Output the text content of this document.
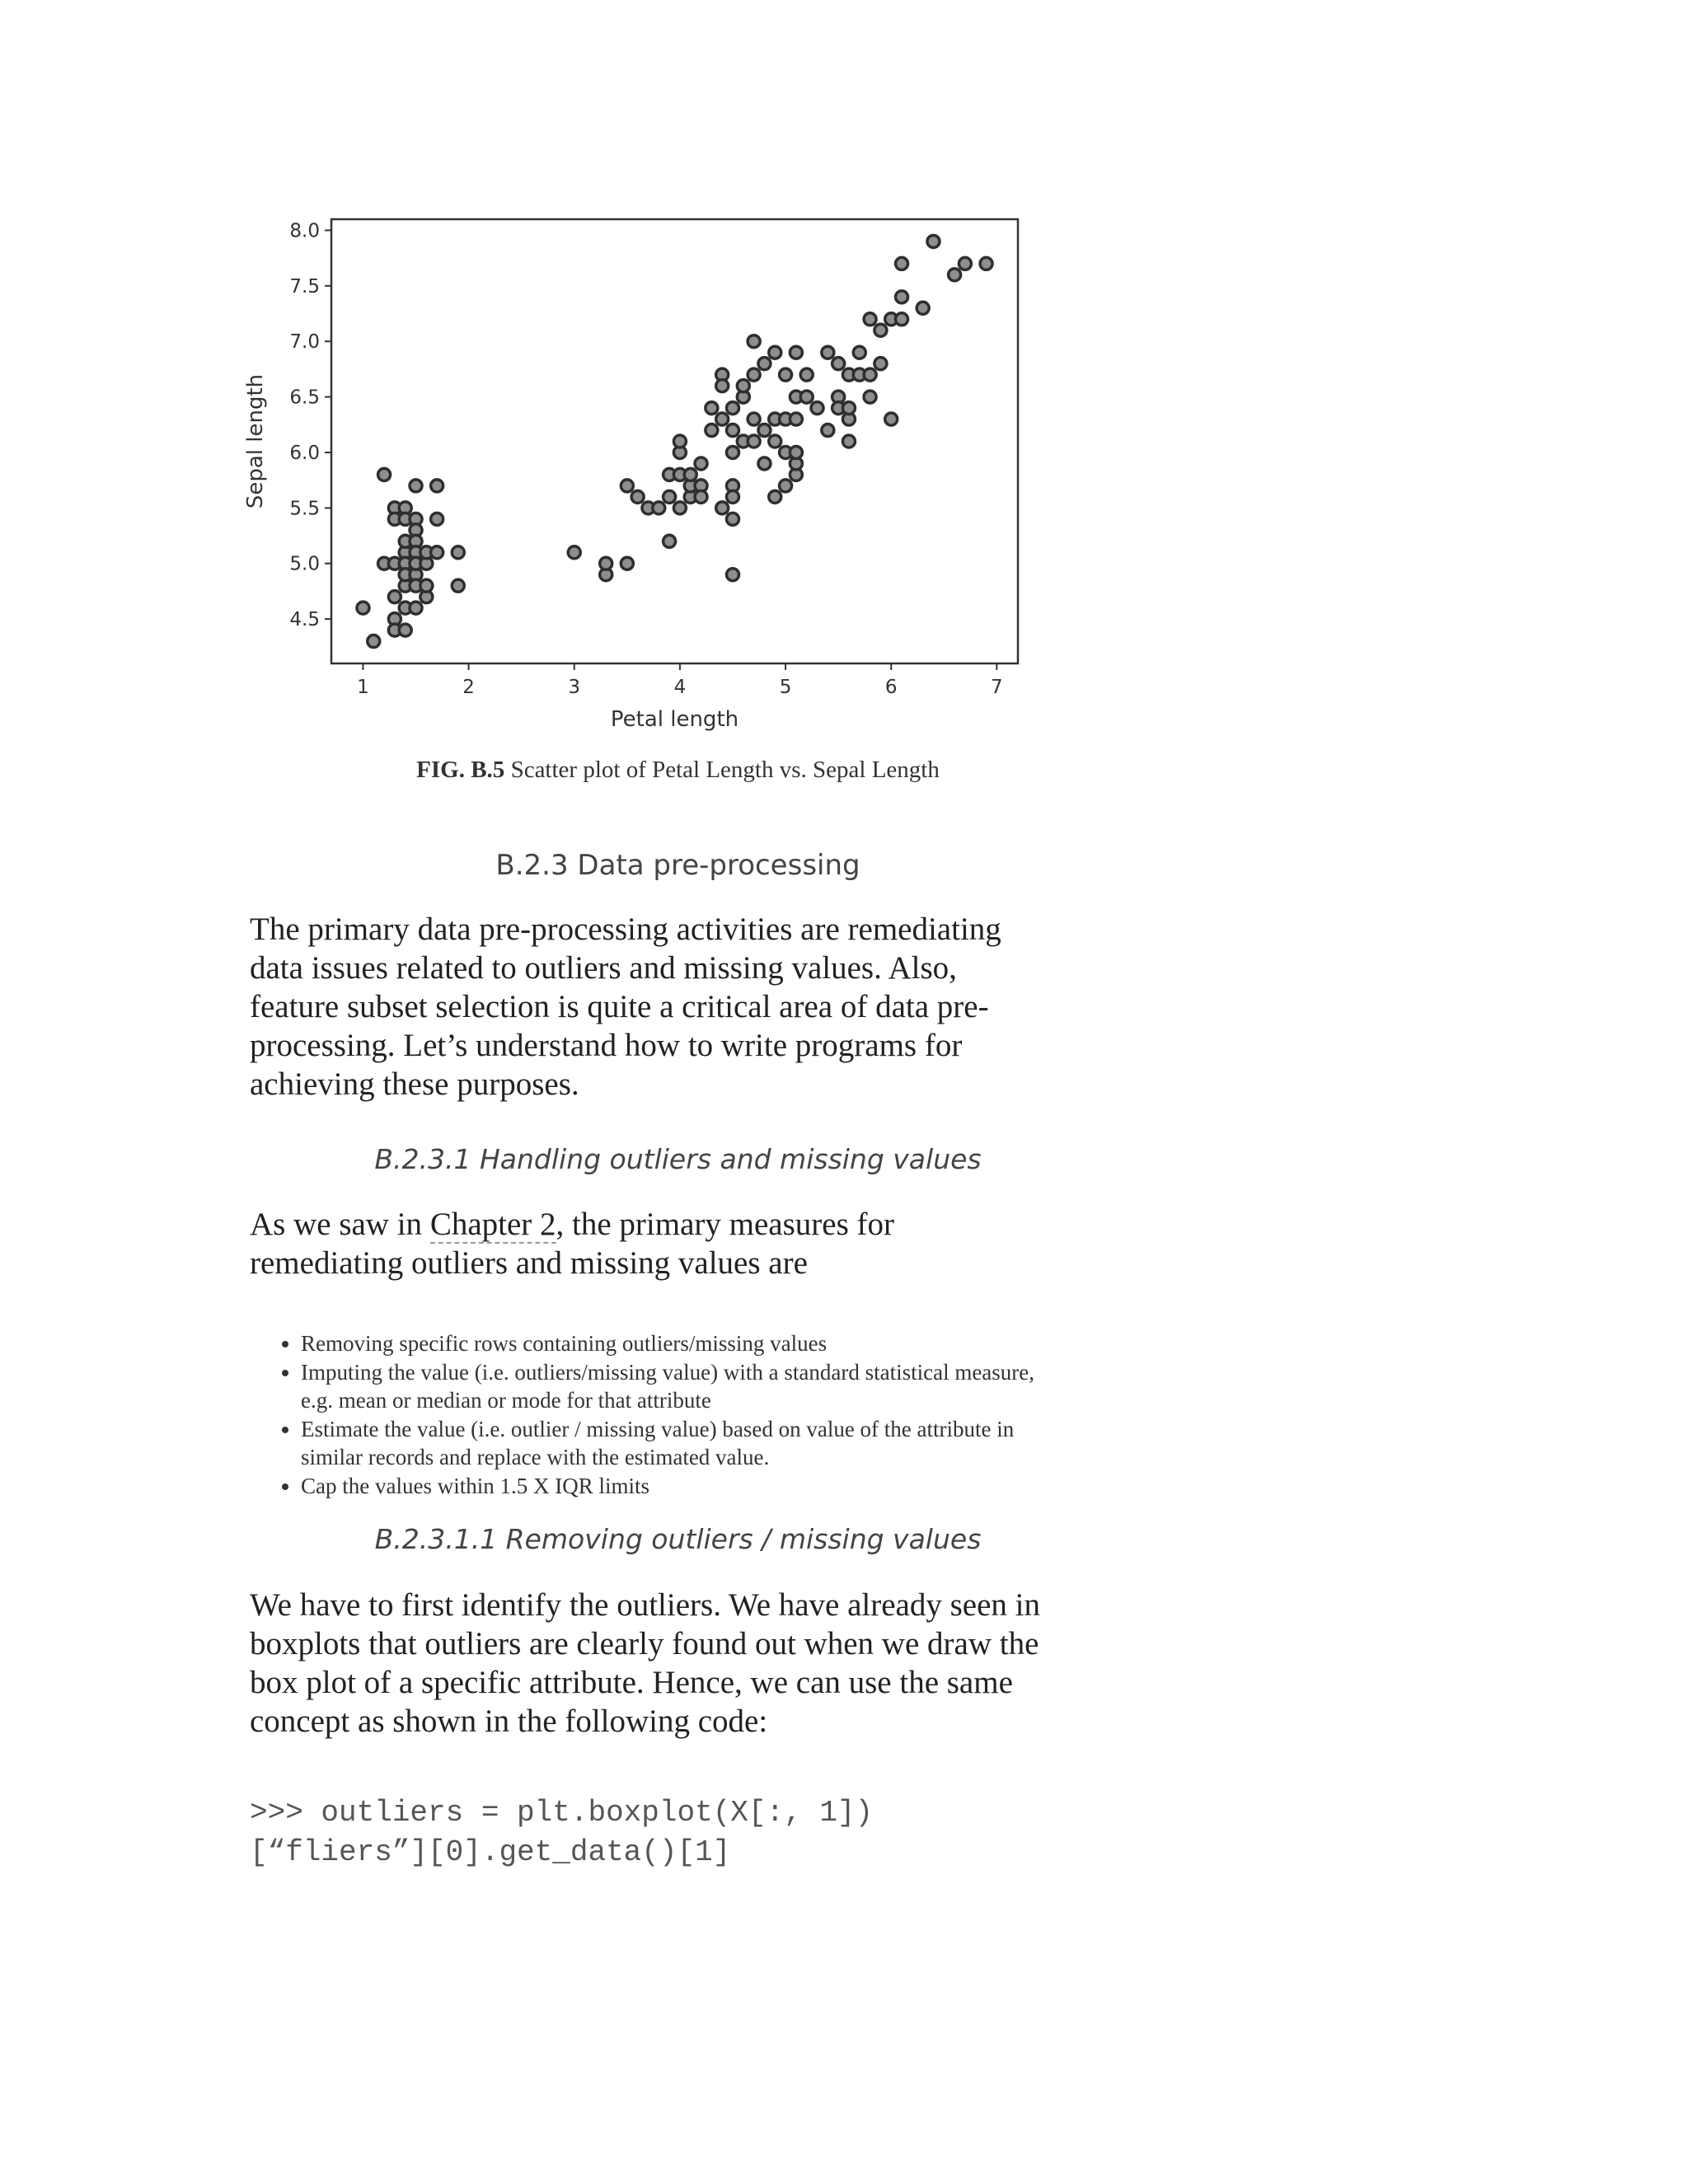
1	2	3	4	5	6	7
4.5
5.0
5.5
6.0
6.5
7.0
7.5
8.0
Petal length
Sepal length
FIG. B.5 Scatter plot of Petal Length vs. Sepal Length
B.2.3 Data pre-processing
The primary data pre-processing activities are remediating data issues related to outliers and missing values. Also, feature subset selection is quite a critical area of data pre-processing. Let’s understand how to write programs for achieving these purposes.
B.2.3.1 Handling outliers and missing values
As we saw in Chapter 2, the primary measures for remediating outliers and missing values are
• Removing specific rows containing outliers/missing values
• Imputing the value (i.e. outliers/missing value) with a standard statistical measure, e.g. mean or median or mode for that attribute
• Estimate the value (i.e. outlier / missing value) based on value of the attribute in similar records and replace with the estimated value.
• Cap the values within 1.5 X IQR limits
B.2.3.1.1 Removing outliers / missing values
We have to first identify the outliers. We have already seen in boxplots that outliers are clearly found out when we draw the box plot of a specific attribute. Hence, we can use the same concept as shown in the following code:
>>> outliers = plt.boxplot(X[:, 1])
[“fliers”][0].get_data()[1]
